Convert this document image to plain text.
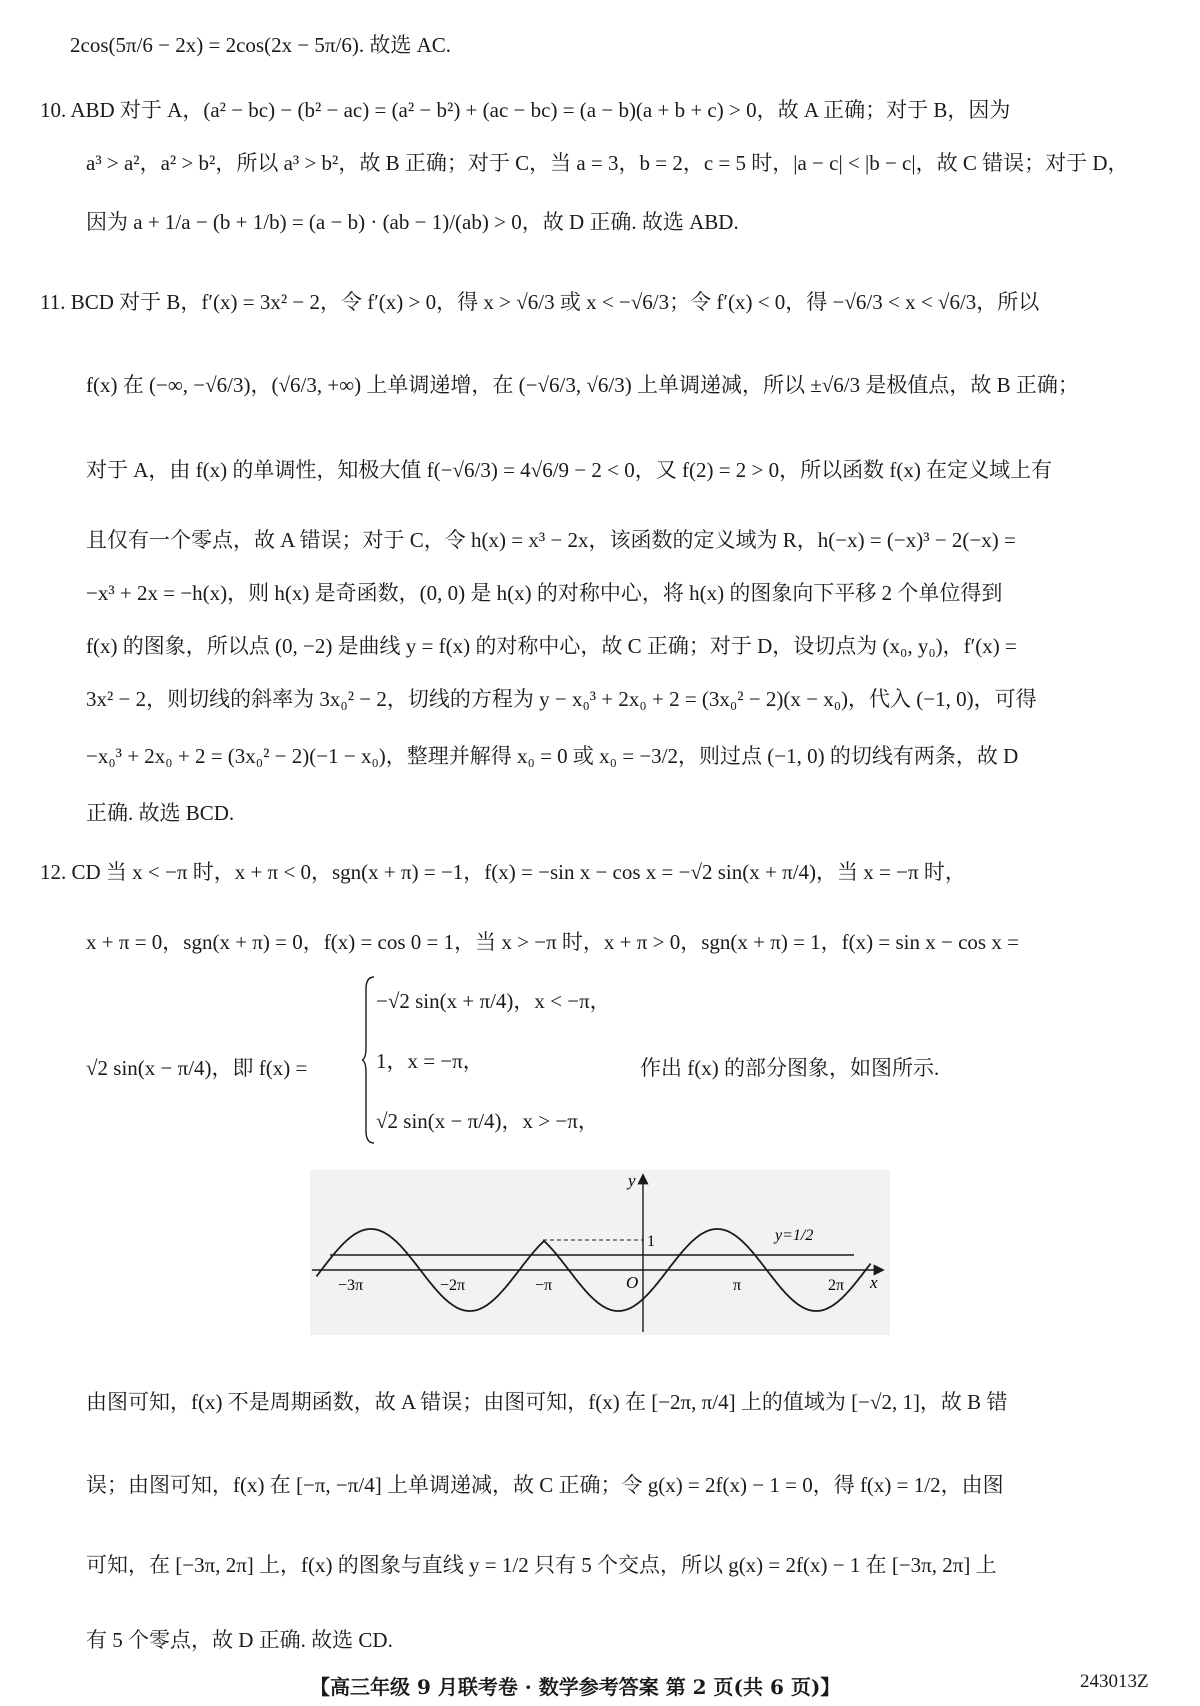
2cos(5π/6 − 2x) = 2cos(2x − 5π/6). 故选 AC.
10. ABD 对于 A，(a² − bc) − (b² − ac) = (a² − b²) + (ac − bc) = (a − b)(a + b + c) > 0，故 A 正确；对于 B，因为
a³ > a²，a² > b²，所以 a³ > b²，故 B 正确；对于 C，当 a = 3，b = 2，c = 5 时，|a − c| < |b − c|，故 C 错误；对于 D，
因为 a + 1/a − (b + 1/b) = (a − b) · (ab − 1)/(ab) > 0，故 D 正确. 故选 ABD.
11. BCD 对于 B，f′(x) = 3x² − 2，令 f′(x) > 0，得 x > √6/3 或 x < −√6/3；令 f′(x) < 0，得 −√6/3 < x < √6/3，所以
f(x) 在 (−∞, −√6/3)，(√6/3, +∞) 上单调递增，在 (−√6/3, √6/3) 上单调递减，所以 ±√6/3 是极值点，故 B 正确；
对于 A，由 f(x) 的单调性，知极大值 f(−√6/3) = 4√6/9 − 2 < 0，又 f(2) = 2 > 0，所以函数 f(x) 在定义域上有
且仅有一个零点，故 A 错误；对于 C，令 h(x) = x³ − 2x，该函数的定义域为 R，h(−x) = (−x)³ − 2(−x) =
−x³ + 2x = −h(x)，则 h(x) 是奇函数，(0, 0) 是 h(x) 的对称中心，将 h(x) 的图象向下平移 2 个单位得到
f(x) 的图象，所以点 (0, −2) 是曲线 y = f(x) 的对称中心，故 C 正确；对于 D，设切点为 (x₀, y₀)，f′(x) =
3x² − 2，则切线的斜率为 3x₀² − 2，切线的方程为 y − x₀³ + 2x₀ + 2 = (3x₀² − 2)(x − x₀)，代入 (−1, 0)，可得
−x₀³ + 2x₀ + 2 = (3x₀² − 2)(−1 − x₀)，整理并解得 x₀ = 0 或 x₀ = −3/2，则过点 (−1, 0) 的切线有两条，故 D
正确. 故选 BCD.
12. CD 当 x < −π 时，x + π < 0，sgn(x + π) = −1，f(x) = −sin x − cos x = −√2 sin(x + π/4)，当 x = −π 时，
x + π = 0，sgn(x + π) = 0，f(x) = cos 0 = 1，当 x > −π 时，x + π > 0，sgn(x + π) = 1，f(x) = sin x − cos x =
√2 sin(x − π/4)，即 f(x) =	作出 f(x) 的部分图象，如图所示.
由图可知，f(x) 不是周期函数，故 A 错误；由图可知，f(x) 在 [−2π, π/4] 上的值域为 [−√2, 1]，故 B 错
误；由图可知，f(x) 在 [−π, −π/4] 上单调递减，故 C 正确；令 g(x) = 2f(x) − 1 = 0，得 f(x) = 1/2，由图
可知，在 [−3π, 2π] 上，f(x) 的图象与直线 y = 1/2 只有 5 个交点，所以 g(x) = 2f(x) − 1 在 [−3π, 2π] 上
有 5 个零点，故 D 正确. 故选 CD.
−√2 sin(x + π/4)，x < −π，
1，x = −π，
√2 sin(x − π/4)，x > −π，
y
x
O
1	y=1/2
−3π	−2π	−π	π	2π
【高三年级 9 月联考卷 · 数学参考答案 第 2 页(共 6 页)】	243013Z
